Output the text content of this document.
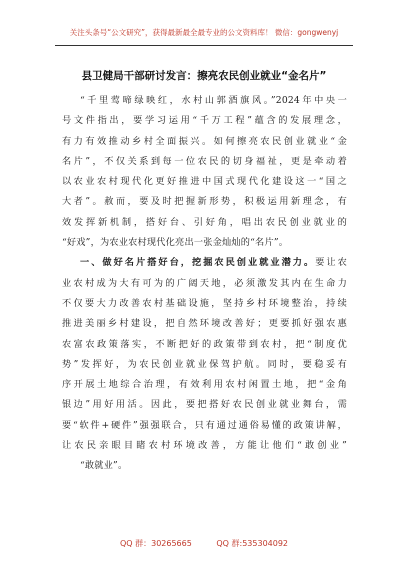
关注头条号“公文研究”，获得最新最全最专业的公文资料库！ 微信：gongwenyj
县卫健局干部研讨发言：擦亮农民创业就业“金名片”
“千里莺啼绿映红，水村山郭酒旗风。”2024年中央一
号文件指出，要学习运用“千万工程”蕴含的发展理念，
有力有效推动乡村全面振兴。如何擦亮农民创业就业“金
名片”，不仅关系到每一位农民的切身福祉，更是牵动着
以农业农村现代化更好推进中国式现代化建设这一“国之
大者”。赦而，要及时把握新形势，积极运用新理念，有
效发挥新机制，搭好台、引好角，唱出农民创业就业的
“好戏”，为农业农村现代化亮出一张金灿灿的“名片”。
一、做好名片搭好台，挖掘农民创业就业潜力。要让农
业农村成为大有可为的广阔天地，必须激发其内在生命力
不仅要大力改善农村基础设施，坚持乡村环境整治，持续
推进美丽乡村建设，把自然环境改善好；更要抓好强农惠
农富农政策落实，不断把好的政策带到农村，把“制度优
势”发挥好，为农民创业就业保驾护航。同时，要稳妥有
序开展土地综合治理，有效利用农村闲置土地，把“金角
银边”用好用活。因此，要把搭好农民创业就业舞台，需
要“软件+硬件”强强联合，只有通过通俗易懂的政策讲解，
让农民亲眼目睹农村环境改善，方能让他们“敢创业”
“敢就业”。
QQ 群：30265665	QQ 群:535304092
